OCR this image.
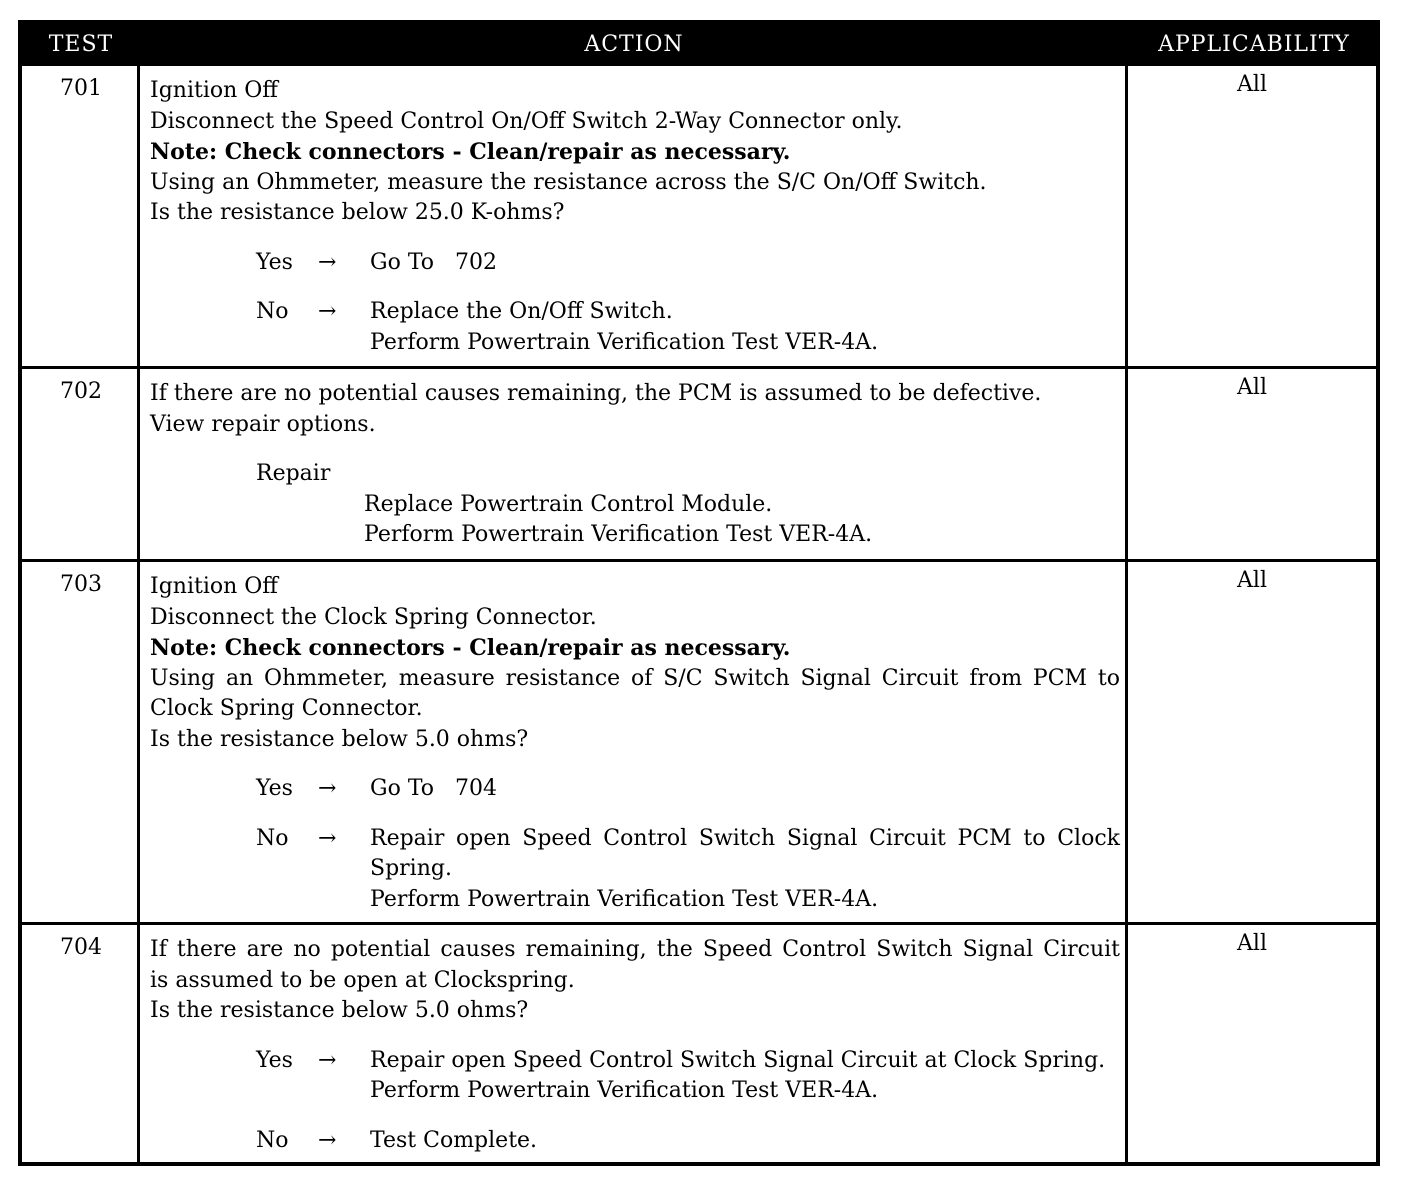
TEST	ACTION	APPLICABILITY
701	Ignition Off
Disconnect the Speed Control On/Off Switch 2-Way Connector only.
Note: Check connectors - Clean/repair as necessary.
Using an Ohmmeter, measure the resistance across the S/C On/Off Switch.
Is the resistance below 25.0 K-ohms?
Yes → Go To   702
No → Replace the On/Off Switch.
Perform Powertrain Verification Test VER-4A.
All
702	If there are no potential causes remaining, the PCM is assumed to be defective.
View repair options.
Repair
Replace Powertrain Control Module.
Perform Powertrain Verification Test VER-4A.
All
703	Ignition Off
Disconnect the Clock Spring Connector.
Note: Check connectors - Clean/repair as necessary.
Using an Ohmmeter, measure resistance of S/C Switch Signal Circuit from PCM to
Clock Spring Connector.
Is the resistance below 5.0 ohms?
Yes → Go To   704
No → Repair open Speed Control Switch Signal Circuit PCM to Clock
Spring.
Perform Powertrain Verification Test VER-4A.
All
704	If there are no potential causes remaining, the Speed Control Switch Signal Circuit
is assumed to be open at Clockspring.
Is the resistance below 5.0 ohms?
Yes → Repair open Speed Control Switch Signal Circuit at Clock Spring.
Perform Powertrain Verification Test VER-4A.
No → Test Complete.
All
